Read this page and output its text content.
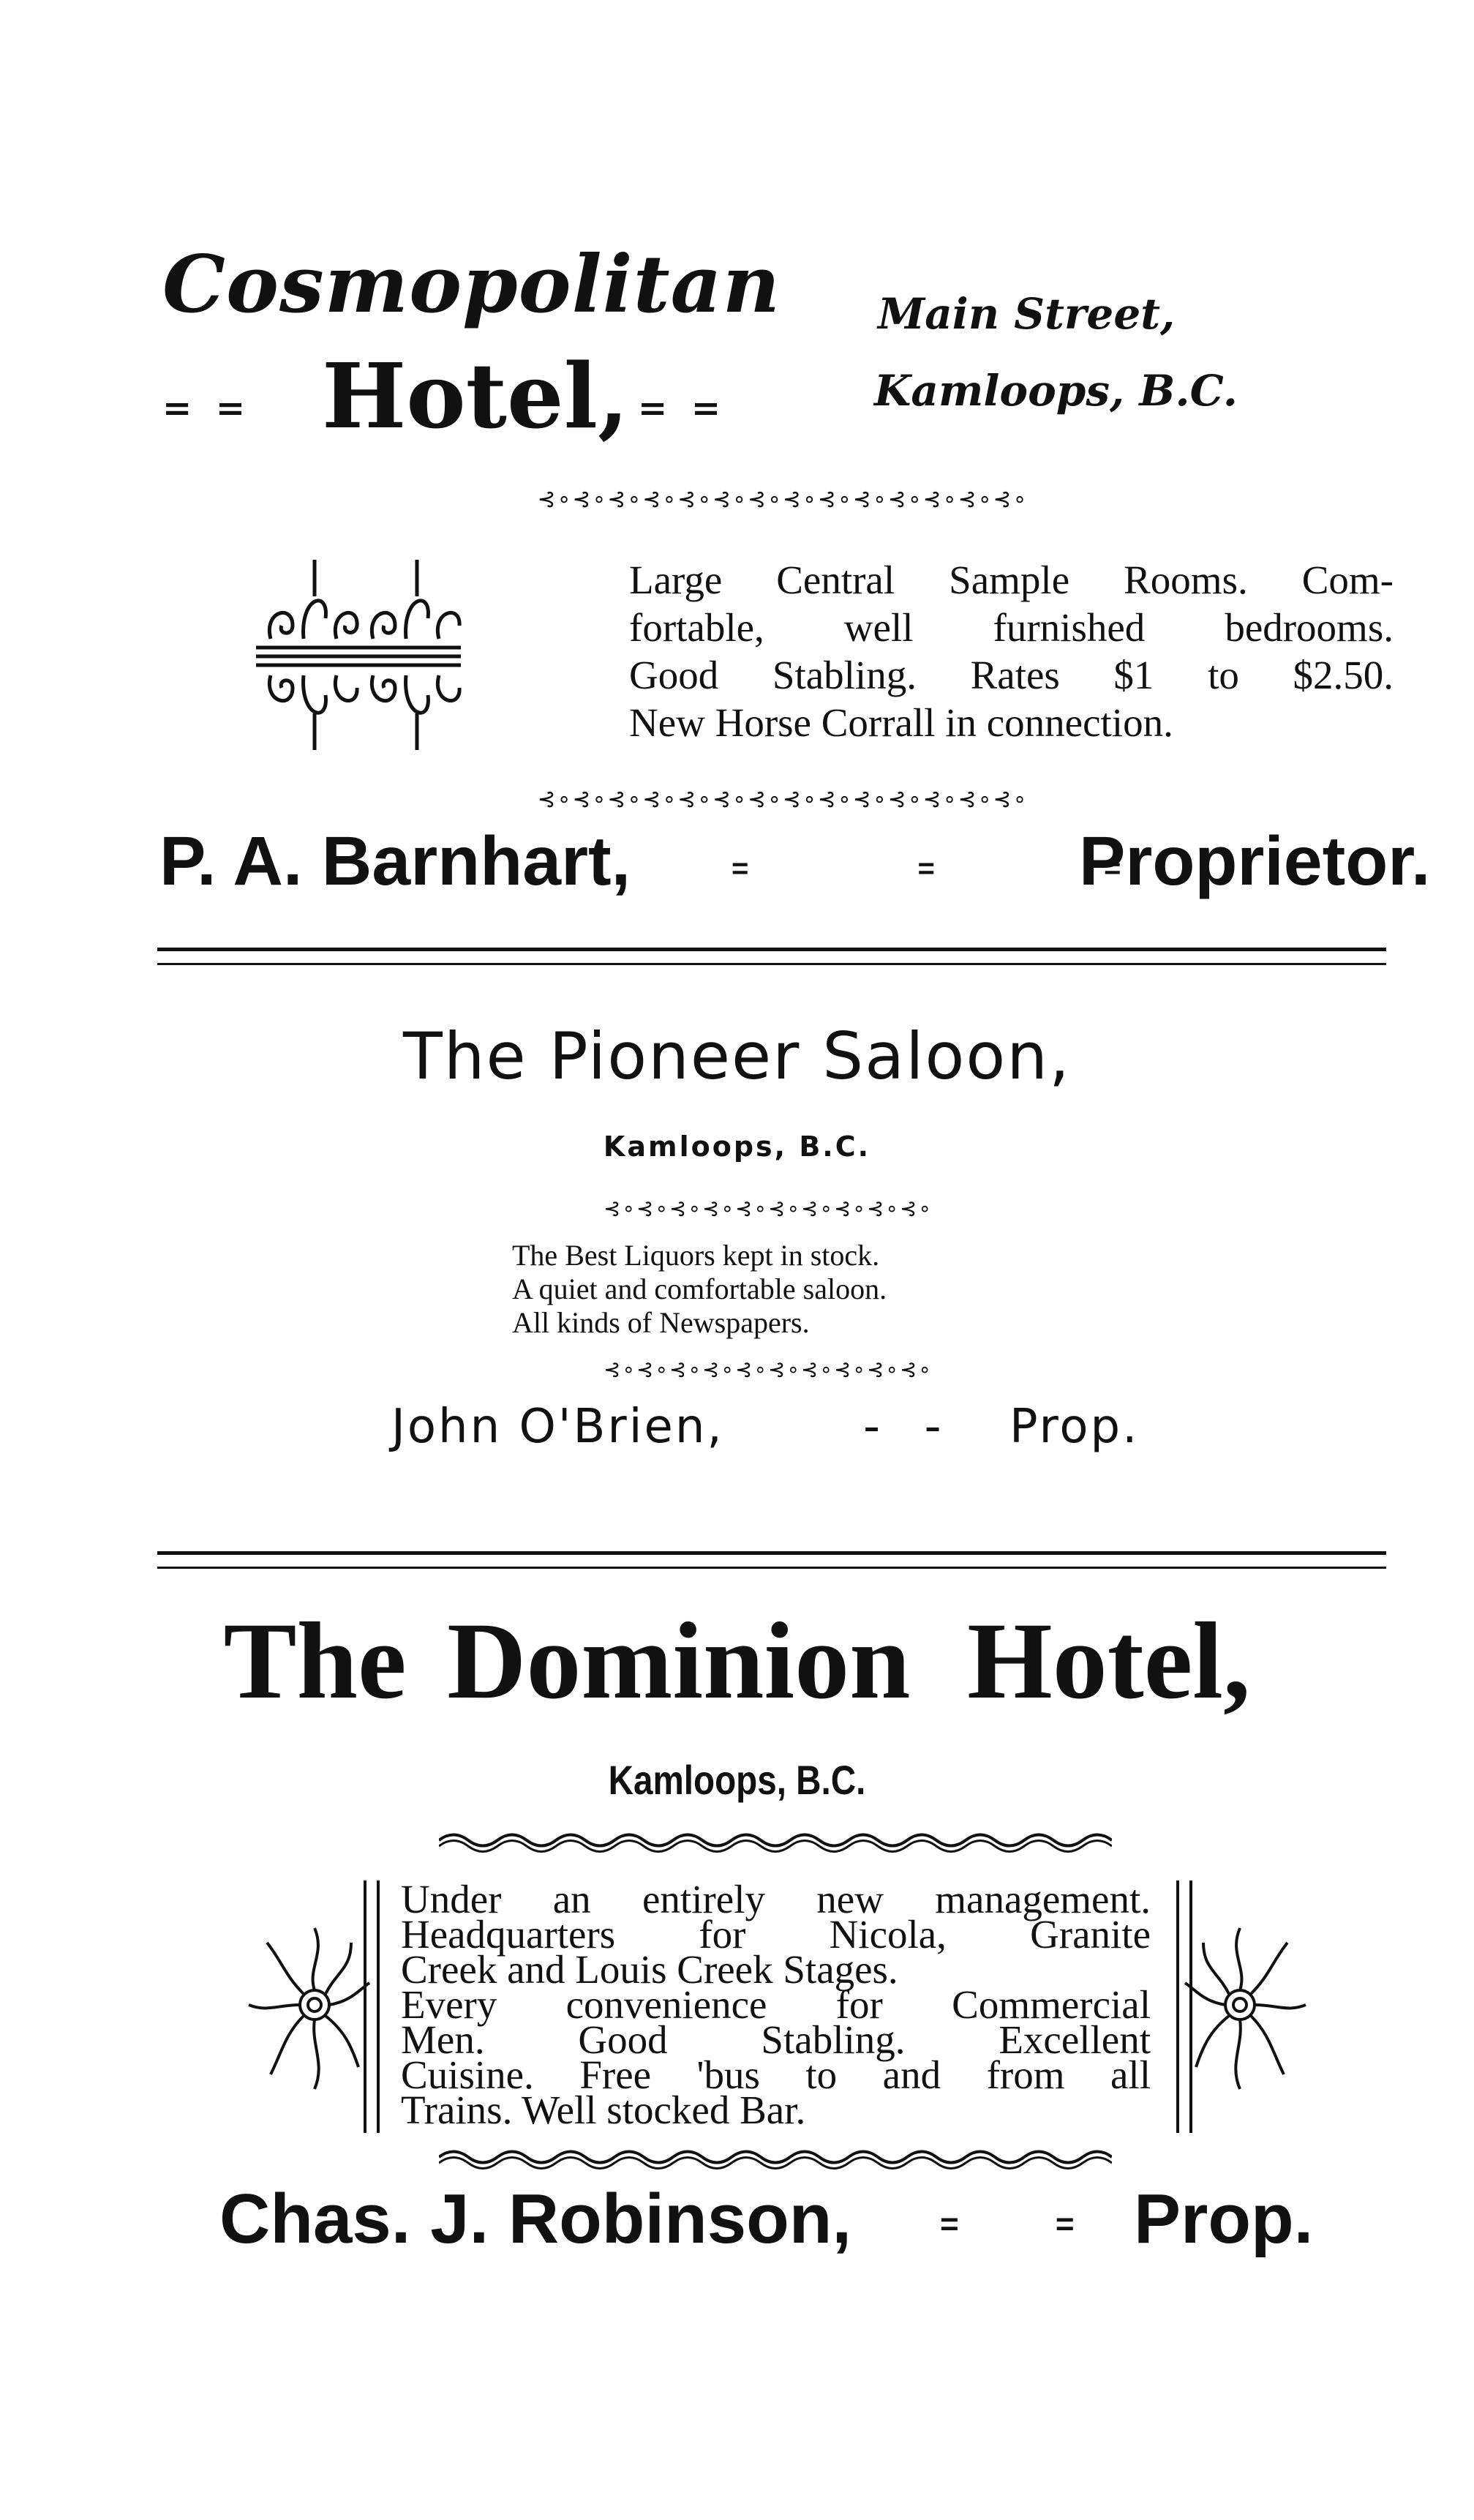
Cosmopolitan
= = Hotel, = =
Main Street,
Kamloops, B.C.
⊰∘⊰∘⊰∘⊰∘⊰∘⊰∘⊰∘⊰∘⊰∘⊰∘⊰∘⊰∘⊰∘⊰∘
Large Central Sample Rooms. Com-
fortable, well furnished bedrooms.
Good Stabling. Rates $1 to $2.50.
New Horse Corrall in connection.
⊰∘⊰∘⊰∘⊰∘⊰∘⊰∘⊰∘⊰∘⊰∘⊰∘⊰∘⊰∘⊰∘⊰∘
P. A. Barnhart,	= = =
Proprietor.
The Pioneer Saloon,
Kamloops, B.C.
⊰∘⊰∘⊰∘⊰∘⊰∘⊰∘⊰∘⊰∘⊰∘⊰∘
The Best Liquors kept in stock.
A quiet and comfortable saloon.
All kinds of Newspapers.
⊰∘⊰∘⊰∘⊰∘⊰∘⊰∘⊰∘⊰∘⊰∘⊰∘
John O'Brien,	- - Prop.
The Dominion Hotel,
Kamloops, B.C.
Under an entirely new management.
Headquarters for Nicola, Granite
Creek and Louis Creek Stages.
Every convenience for Commercial
Men. Good Stabling. Excellent
Cuisine. Free 'bus to and from all
Trains. Well stocked Bar.
Chas. J. Robinson,	= = Prop.
